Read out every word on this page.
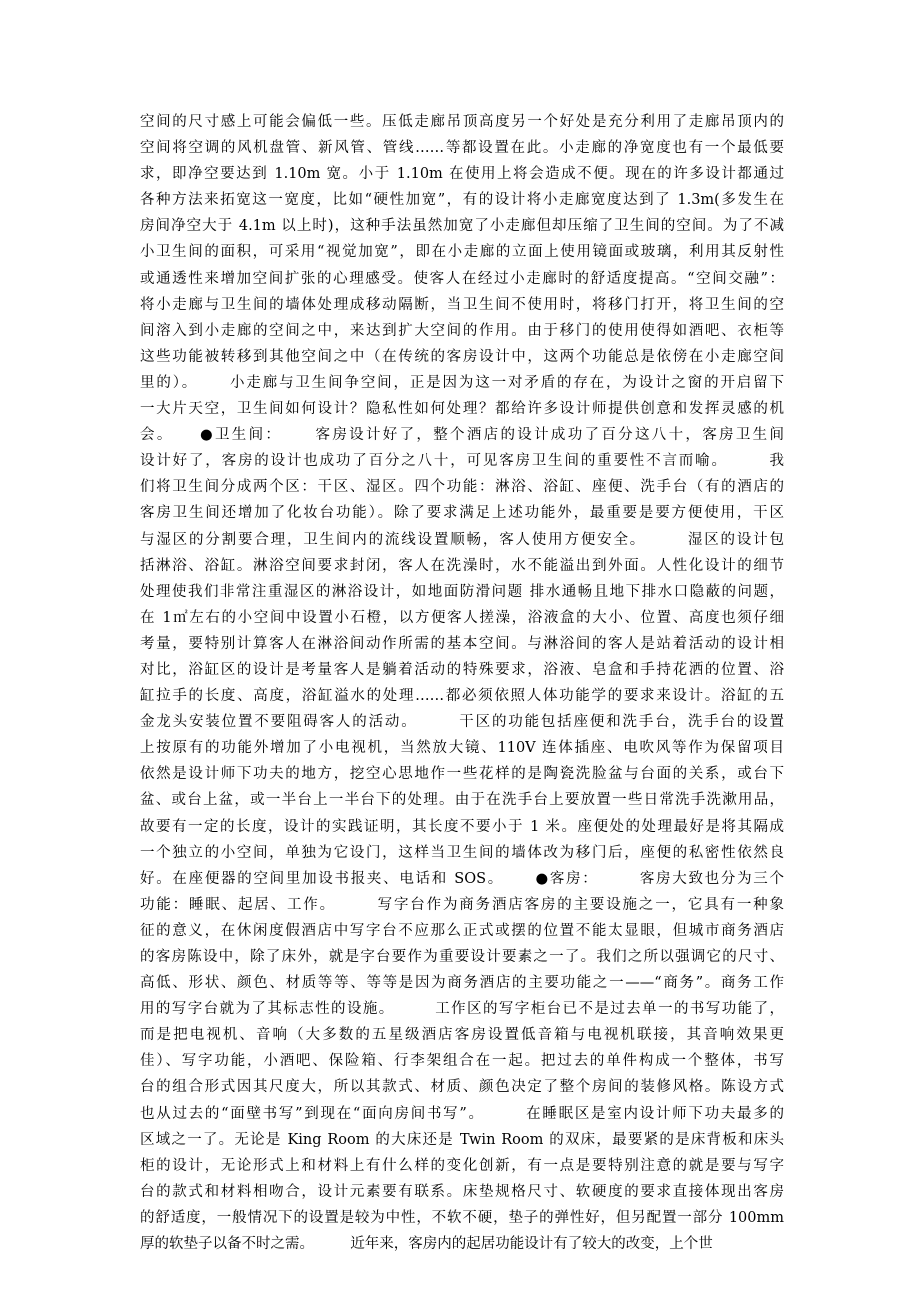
空间的尺寸感上可能会偏低一些。压低走廊吊顶高度另一个好处是充分利用了走廊吊顶内的
空间将空调的风机盘管、新风管、管线……等都设置在此。小走廊的净宽度也有一个最低要
求，即净空要达到 1.10m 宽。小于 1.10m 在使用上将会造成不便。现在的许多设计都通过
各种方法来拓宽这一宽度，比如“硬性加宽”，有的设计将小走廊宽度达到了 1.3m(多发生在
房间净空大于 4.1m 以上时)，这种手法虽然加宽了小走廊但却压缩了卫生间的空间。为了不减
小卫生间的面积，可采用“视觉加宽”，即在小走廊的立面上使用镜面或玻璃，利用其反射性
或通透性来增加空间扩张的心理感受。使客人在经过小走廊时的舒适度提高。“空间交融”：
将小走廊与卫生间的墙体处理成移动隔断，当卫生间不使用时，将移门打开，将卫生间的空
间溶入到小走廊的空间之中，来达到扩大空间的作用。由于移门的使用使得如酒吧、衣柜等
这些功能被转移到其他空间之中（在传统的客房设计中，这两个功能总是依傍在小走廊空间
里的）。　　 小走廊与卫生间争空间，正是因为这一对矛盾的存在，为设计之窗的开启留下
一大片天空，卫生间如何设计？隐私性如何处理？都给许多设计师提供创意和发挥灵感的机
会。　　●卫生间：　　 客房设计好了，整个酒店的设计成功了百分这八十，客房卫生间
设计好了，客房的设计也成功了百分之八十，可见客房卫生间的重要性不言而喻。　　　我
们将卫生间分成两个区：干区、湿区。四个功能：淋浴、浴缸、座便、洗手台（有的酒店的
客房卫生间还增加了化妆台功能）。除了要求满足上述功能外，最重要是要方便使用，干区
与湿区的分割要合理，卫生间内的流线设置顺畅，客人使用方便安全。　　　湿区的设计包
括淋浴、浴缸。淋浴空间要求封闭，客人在洗澡时，水不能溢出到外面。人性化设计的细节
处理使我们非常注重湿区的淋浴设计，如地面防滑问题 排水通畅且地下排水口隐蔽的问题，
在 1㎡左右的小空间中设置小石橙，以方便客人搓澡，浴液盒的大小、位置、高度也须仔细
考量，要特别计算客人在淋浴间动作所需的基本空间。与淋浴间的客人是站着活动的设计相
对比，浴缸区的设计是考量客人是躺着活动的特殊要求，浴液、皂盒和手持花洒的位置、浴
缸拉手的长度、高度，浴缸溢水的处理……都必须依照人体功能学的要求来设计。浴缸的五
金龙头安装位置不要阻碍客人的活动。　　　干区的功能包括座便和洗手台，洗手台的设置
上按原有的功能外增加了小电视机，当然放大镜、110V 连体插座、电吹风等作为保留项目
依然是设计师下功夫的地方，挖空心思地作一些花样的是陶瓷洗脸盆与台面的关系，或台下
盆、或台上盆，或一半台上一半台下的处理。由于在洗手台上要放置一些日常洗手洗漱用品，
故要有一定的长度，设计的实践证明，其长度不要小于 1 米。座便处的处理最好是将其隔成
一个独立的小空间，单独为它设门，这样当卫生间的墙体改为移门后，座便的私密性依然良
好。在座便器的空间里加设书报夹、电话和 SOS。　　 ●客房：　　　客房大致也分为三个
功能：睡眠、起居、工作。　　　写字台作为商务酒店客房的主要设施之一，它具有一种象
征的意义，在休闲度假酒店中写字台不应那么正式或摆的位置不能太显眼，但城市商务酒店
的客房陈设中，除了床外，就是字台要作为重要设计要素之一了。我们之所以强调它的尺寸、
高低、形状、颜色、材质等等、等等是因为商务酒店的主要功能之一——“商务”。商务工作
用的写字台就为了其标志性的设施。　　　工作区的写字柜台已不是过去单一的书写功能了，
而是把电视机、音响（大多数的五星级酒店客房设置低音箱与电视机联接，其音响效果更
佳）、写字功能，小酒吧、保险箱、行李架组合在一起。把过去的单件构成一个整体，书写
台的组合形式因其尺度大，所以其款式、材质、颜色决定了整个房间的装修风格。陈设方式
也从过去的“面壁书写”到现在“面向房间书写”。　　　在睡眠区是室内设计师下功夫最多的
区域之一了。无论是 King Room 的大床还是 Twin Room 的双床，最要紧的是床背板和床头
柜的设计，无论形式上和材料上有什么样的变化创新，有一点是要特别注意的就是要与写字
台的款式和材料相吻合，设计元素要有联系。床垫规格尺寸、软硬度的要求直接体现出客房
的舒适度，一般情况下的设置是较为中性，不软不硬，垫子的弹性好，但另配置一部分 100mm
厚的软垫子以备不时之需。　　　近年来，客房内的起居功能设计有了较大的改变，上个世
